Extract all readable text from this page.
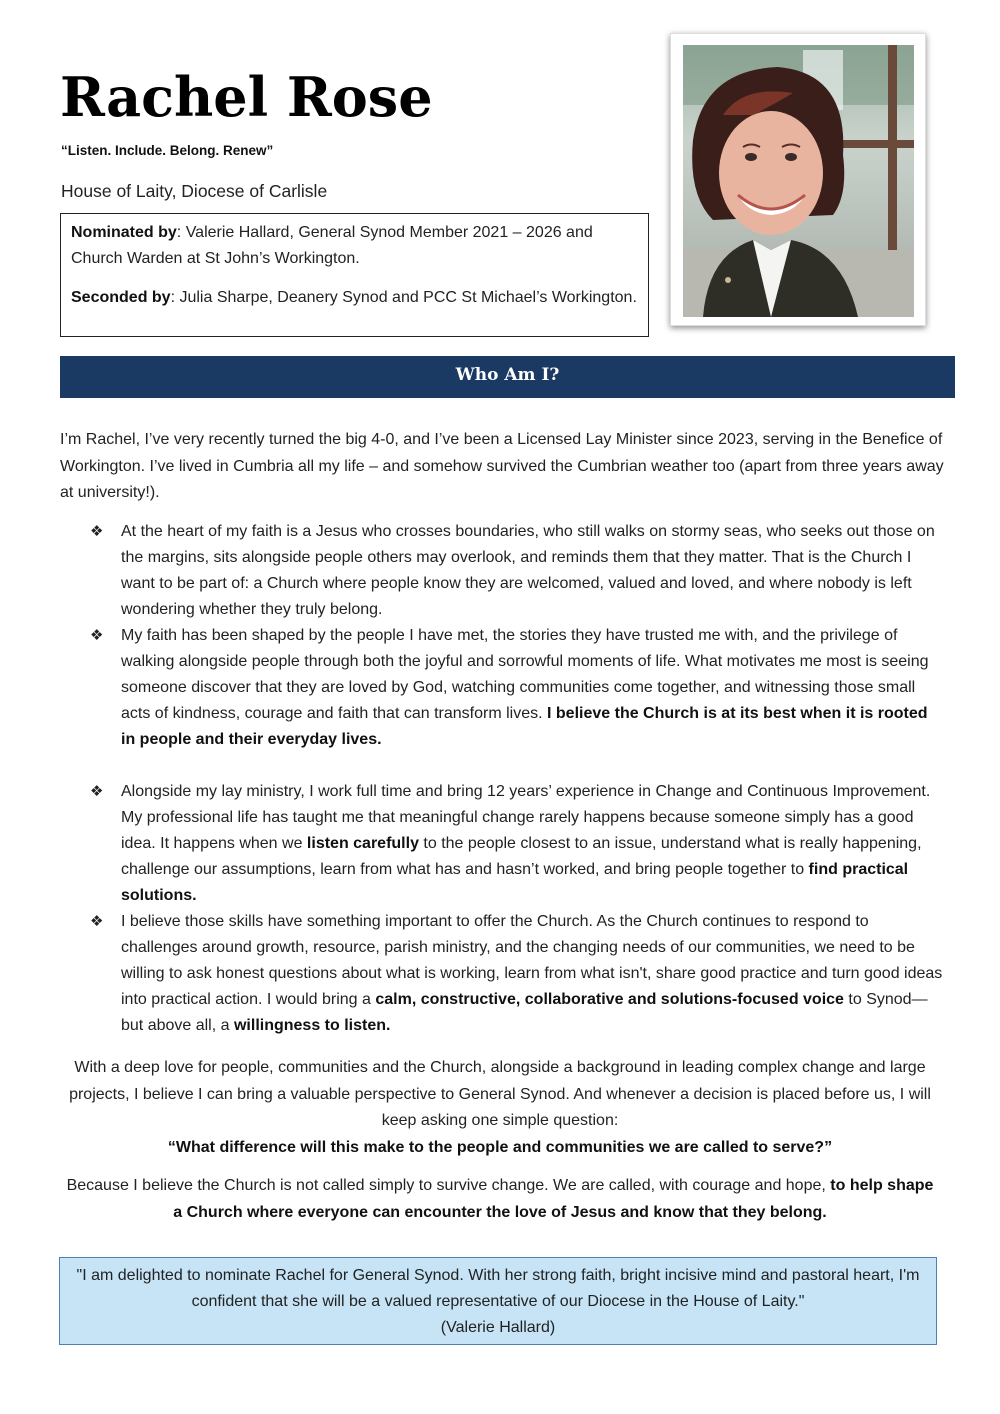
Rachel Rose
“Listen. Include. Belong. Renew”
House of Laity, Diocese of Carlisle

Nominated by: Valerie Hallard, General Synod Member 2021 – 2026 and Church Warden at St John’s Workington.

Seconded by: Julia Sharpe, Deanery Synod and PCC St Michael’s Workington.

Who Am I?
I’m Rachel, I’ve very recently turned the big 4-0, and I’ve been a Licensed Lay Minister since 2023, serving in the Benefice of Workington. I’ve lived in Cumbria all my life – and somehow survived the Cumbrian weather too (apart from three years away at university!).
❖ At the heart of my faith is a Jesus who crosses boundaries, who still walks on stormy seas, who seeks out those on the margins, sits alongside people others may overlook, and reminds them that they matter. That is the Church I want to be part of: a Church where people know they are welcomed, valued and loved, and where nobody is left wondering whether they truly belong.
❖ My faith has been shaped by the people I have met, the stories they have trusted me with, and the privilege of walking alongside people through both the joyful and sorrowful moments of life. What motivates me most is seeing someone discover that they are loved by God, watching communities come together, and witnessing those small acts of kindness, courage and faith that can transform lives. I believe the Church is at its best when it is rooted in people and their everyday lives.
❖ Alongside my lay ministry, I work full time and bring 12 years’ experience in Change and Continuous Improvement. My professional life has taught me that meaningful change rarely happens because someone simply has a good idea. It happens when we listen carefully to the people closest to an issue, understand what is really happening, challenge our assumptions, learn from what has and hasn’t worked, and bring people together to find practical solutions.
❖ I believe those skills have something important to offer the Church. As the Church continues to respond to challenges around growth, resource, parish ministry, and the changing needs of our communities, we need to be willing to ask honest questions about what is working, learn from what isn't, share good practice and turn good ideas into practical action. I would bring a calm, constructive, collaborative and solutions-focused voice to Synod— but above all, a willingness to listen.
With a deep love for people, communities and the Church, alongside a background in leading complex change and large projects, I believe I can bring a valuable perspective to General Synod. And whenever a decision is placed before us, I will keep asking one simple question:
“What difference will this make to the people and communities we are called to serve?”
Because I believe the Church is not called simply to survive change. We are called, with courage and hope, to help shape a Church where everyone can encounter the love of Jesus and know that they belong.

"I am delighted to nominate Rachel for General Synod. With her strong faith, bright incisive mind and pastoral heart, I'm confident that she will be a valued representative of our Diocese in the House of Laity."

(Valerie Hallard)
